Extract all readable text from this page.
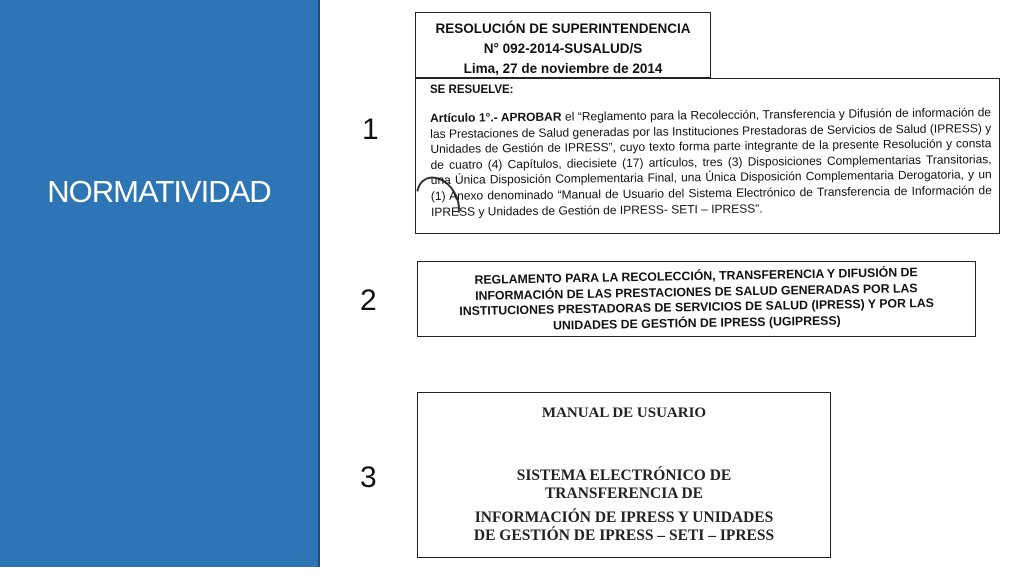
NORMATIVIDAD
1
2
3
RESOLUCIÓN DE SUPERINTENDENCIA
N° 092-2014-SUSALUD/S
Lima, 27 de noviembre de 2014
SE RESUELVE:
Artículo 1°.- APROBAR el “Reglamento para la Recolección, Transferencia y Difusión de información de las Prestaciones de Salud generadas por las Instituciones Prestadoras de Servicios de Salud (IPRESS) y Unidades de Gestión de IPRESS”, cuyo texto forma parte integrante de la presente Resolución y consta de cuatro (4) Capítulos, diecisiete (17) artículos, tres (3) Disposiciones Complementarias Transitorias, una Única Disposición Complementaria Final, una Única Disposición Complementaria Derogatoria, y un (1) Anexo denominado “Manual de Usuario del Sistema Electrónico de Transferencia de Información de IPRESS y Unidades de Gestión de IPRESS- SETI – IPRESS”.
REGLAMENTO PARA LA RECOLECCIÓN, TRANSFERENCIA Y DIFUSIÓN DE
INFORMACIÓN DE LAS PRESTACIONES DE SALUD GENERADAS POR LAS
INSTITUCIONES PRESTADORAS DE SERVICIOS DE SALUD (IPRESS) Y POR LAS
UNIDADES DE GESTIÓN DE IPRESS (UGIPRESS)
MANUAL DE USUARIO
SISTEMA ELECTRÓNICO DE
TRANSFERENCIA DE
INFORMACIÓN DE IPRESS Y UNIDADES
DE GESTIÓN DE IPRESS – SETI – IPRESS
